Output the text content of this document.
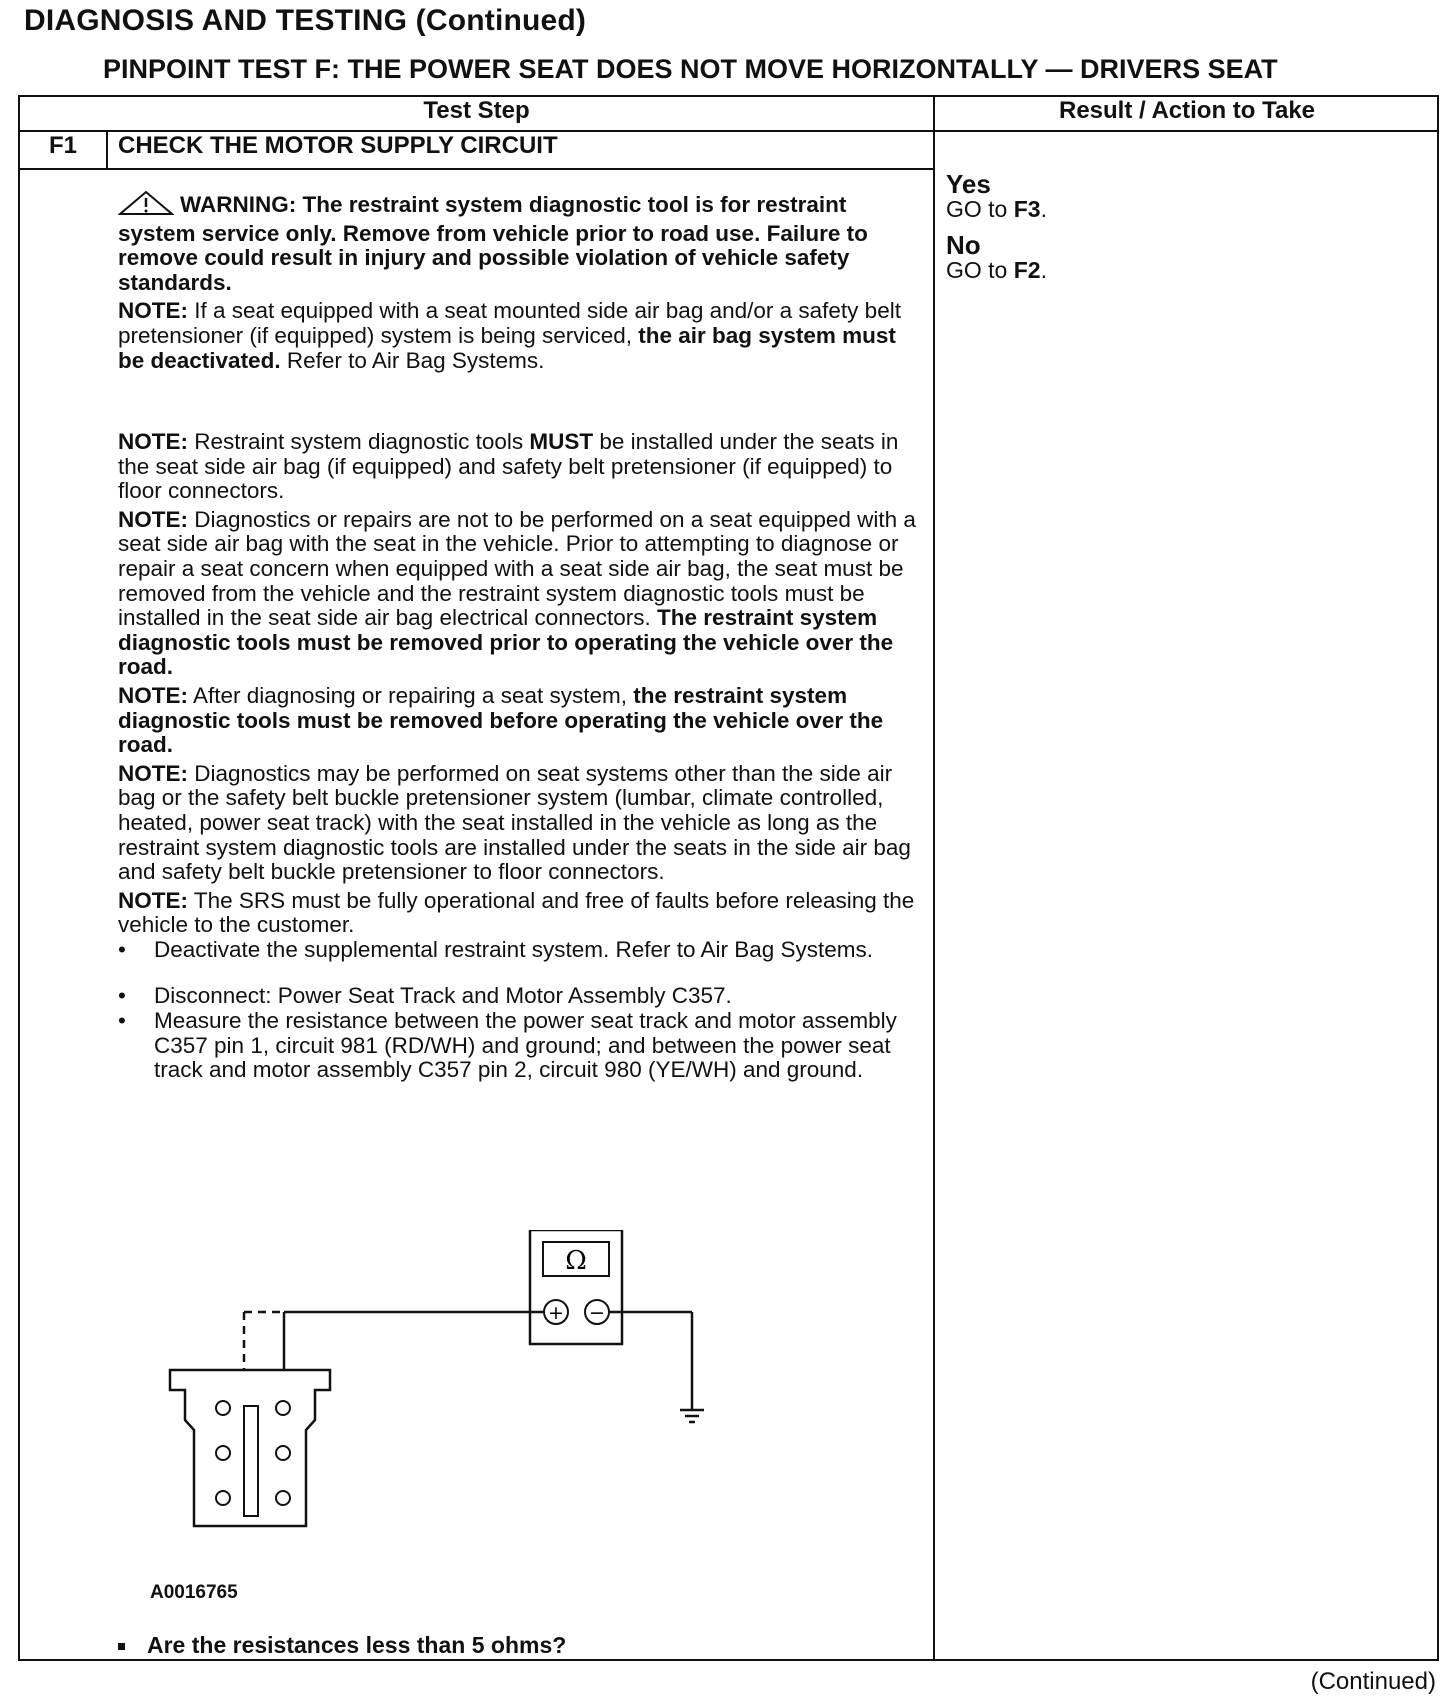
DIAGNOSIS AND TESTING (Continued)
PINPOINT TEST F: THE POWER SEAT DOES NOT MOVE HORIZONTALLY — DRIVERS SEAT
Test Step	Result / Action to Take
F1	CHECK THE MOTOR SUPPLY CIRCUIT

WARNING: The restraint system diagnostic tool is for restraint system service only. Remove from vehicle prior to road use. Failure to remove could result in injury and possible violation of vehicle safety standards.

NOTE: If a seat equipped with a seat mounted side air bag and/or a safety belt pretensioner (if equipped) system is being serviced, the air bag system must be deactivated. Refer to Air Bag Systems.

NOTE: Restraint system diagnostic tools MUST be installed under the seats in the seat side air bag (if equipped) and safety belt pretensioner (if equipped) to floor connectors.

NOTE: Diagnostics or repairs are not to be performed on a seat equipped with a seat side air bag with the seat in the vehicle. Prior to attempting to diagnose or repair a seat concern when equipped with a seat side air bag, the seat must be removed from the vehicle and the restraint system diagnostic tools must be installed in the seat side air bag electrical connectors. The restraint system diagnostic tools must be removed prior to operating the vehicle over the road.

NOTE: After diagnosing or repairing a seat system, the restraint system diagnostic tools must be removed before operating the vehicle over the road.

NOTE: Diagnostics may be performed on seat systems other than the side air bag or the safety belt buckle pretensioner system (lumbar, climate controlled, heated, power seat track) with the seat installed in the vehicle as long as the restraint system diagnostic tools are installed under the seats in the side air bag and safety belt buckle pretensioner to floor connectors.

NOTE: The SRS must be fully operational and free of faults before releasing the vehicle to the customer.

• Deactivate the supplemental restraint system. Refer to Air Bag Systems.
• Disconnect: Power Seat Track and Motor Assembly C357.
• Measure the resistance between the power seat track and motor assembly C357 pin 1, circuit 981 (RD/WH) and ground; and between the power seat track and motor assembly C357 pin 2, circuit 980 (YE/WH) and ground.
Ω
+ −
A0016765
Are the resistances less than 5 ohms?
Yes
GO to F3.
No
GO to F2.
(Continued)
